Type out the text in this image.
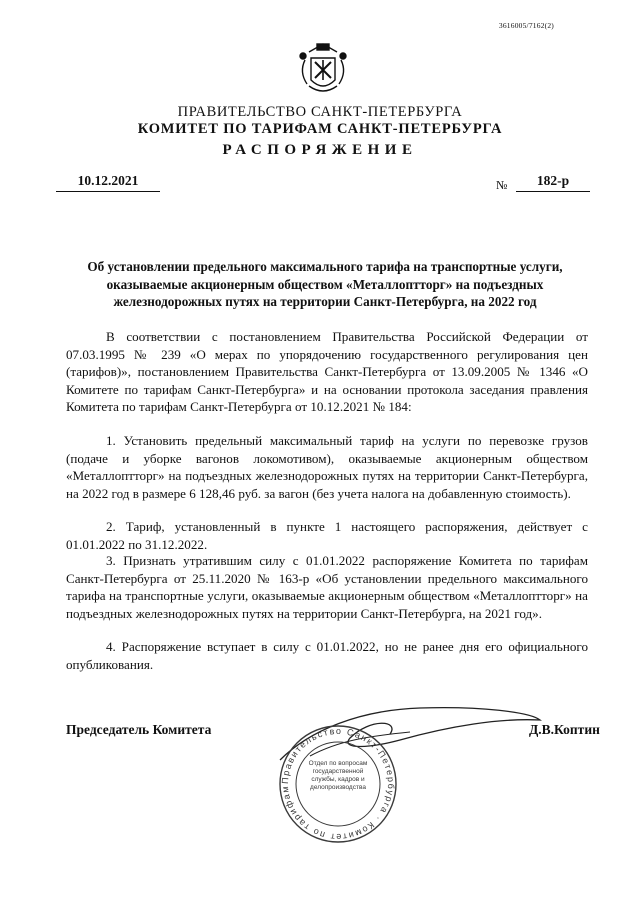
3616005/7162(2)
ПРАВИТЕЛЬСТВО САНКТ-ПЕТЕРБУРГА
КОМИТЕТ ПО ТАРИФАМ САНКТ-ПЕТЕРБУРГА
РАСПОРЯЖЕНИЕ
10.12.2021	№	182-р
Об установлении предельного максимального тарифа на транспортные услуги, оказываемые акционерным обществом «Металлоптторг» на подъездных железнодорожных путях на территории Санкт-Петербурга, на 2022 год

В соответствии с постановлением Правительства Российской Федерации от 07.03.1995 № 239 «О мерах по упорядочению государственного регулирования цен (тарифов)», постановлением Правительства Санкт-Петербурга от 13.09.2005 № 1346 «О Комитете по тарифам Санкт-Петербурга» и на основании протокола заседания правления Комитета по тарифам Санкт-Петербурга от 10.12.2021 № 184:

1. Установить предельный максимальный тариф на услуги по перевозке грузов (подаче и уборке вагонов локомотивом), оказываемые акционерным обществом «Металлоптторг» на подъездных железнодорожных путях на территории Санкт-Петербурга, на 2022 год в размере 6 128,46 руб. за вагон (без учета налога на добавленную стоимость).

2. Тариф, установленный в пункте 1 настоящего распоряжения, действует с 01.01.2022 по 31.12.2022.

3. Признать утратившим силу с 01.01.2022 распоряжение Комитета по тарифам Санкт-Петербурга от 25.11.2020 № 163-р «Об установлении предельного максимального тарифа на транспортные услуги, оказываемые акционерным обществом «Металлоптторг» на подъездных железнодорожных путях на территории Санкт-Петербурга, на 2021 год».

4. Распоряжение вступает в силу с 01.01.2022, но не ранее дня его официального опубликования.

Правительство Санкт-Петербурга · Комитет по тарифам
Отдел по вопросам государственной службы, кадров и делопроизводства
Председатель Комитета	Д.В.Коптин
